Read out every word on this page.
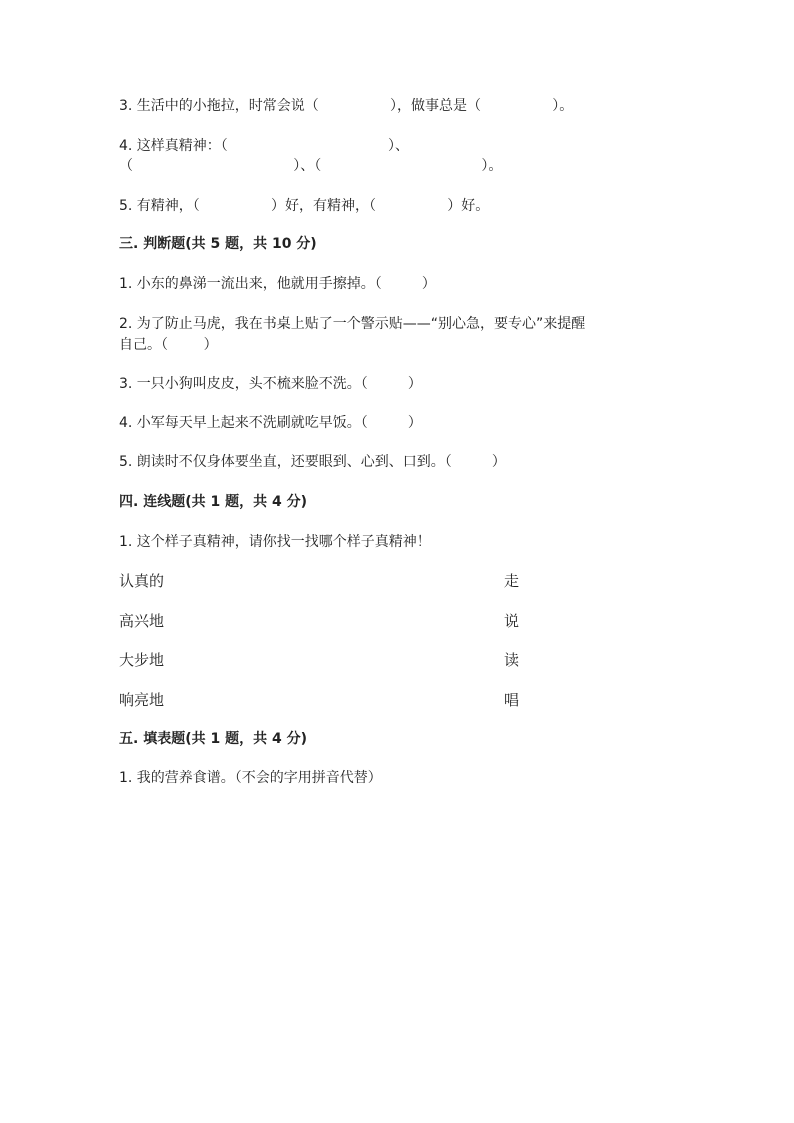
3. 生活中的小拖拉，时常会说（                ），做事总是（                ）。
4. 这样真精神：（                                    ）、
（                                    ）、（                                    ）。
5. 有精神，（                ）好，有精神，（                ）好。
三. 判断题(共 5 题，共 10 分)
1. 小东的鼻涕一流出来，他就用手擦掉。（         ）
2. 为了防止马虎，我在书桌上贴了一个警示贴——“别心急，要专心”来提醒
自己。（        ）
3. 一只小狗叫皮皮，头不梳来脸不洗。（         ）
4. 小军每天早上起来不洗刷就吃早饭。（         ）
5. 朗读时不仅身体要坐直，还要眼到、心到、口到。（         ）
四. 连线题(共 1 题，共 4 分)
1. 这个样子真精神，请你找一找哪个样子真精神！
认真的	走
高兴地	说
大步地	读
响亮地	唱
五. 填表题(共 1 题，共 4 分)
1. 我的营养食谱。（不会的字用拼音代替）
